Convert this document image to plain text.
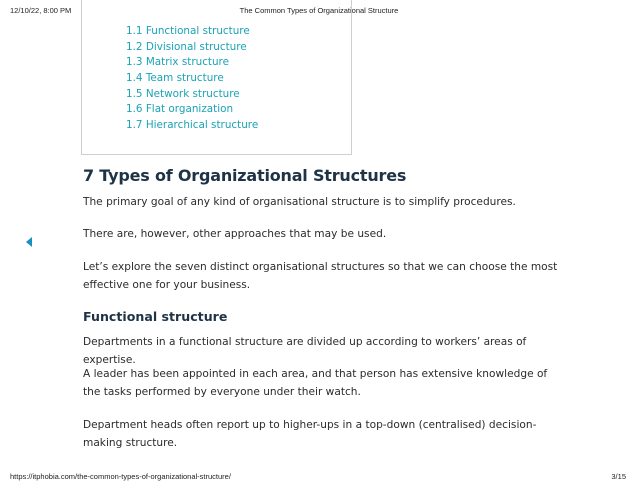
12/10/22, 8:00 PM	The Common Types of Organizational Structure
1.1 Functional structure
1.2 Divisional structure
1.3 Matrix structure
1.4 Team structure
1.5 Network structure
1.6 Flat organization
1.7 Hierarchical structure
7 Types of Organizational Structures

The primary goal of any kind of organisational structure is to simplify procedures.

There are, however, other approaches that may be used.

Let’s explore the seven distinct organisational structures so that we can choose the most effective one for your business.

Functional structure

Departments in a functional structure are divided up according to workers’ areas of expertise.

A leader has been appointed in each area, and that person has extensive knowledge of the tasks performed by everyone under their watch.

Department heads often report up to higher-ups in a top-down (centralised) decision-making structure.

https://itphobia.com/the-common-types-of-organizational-structure/	3/15
